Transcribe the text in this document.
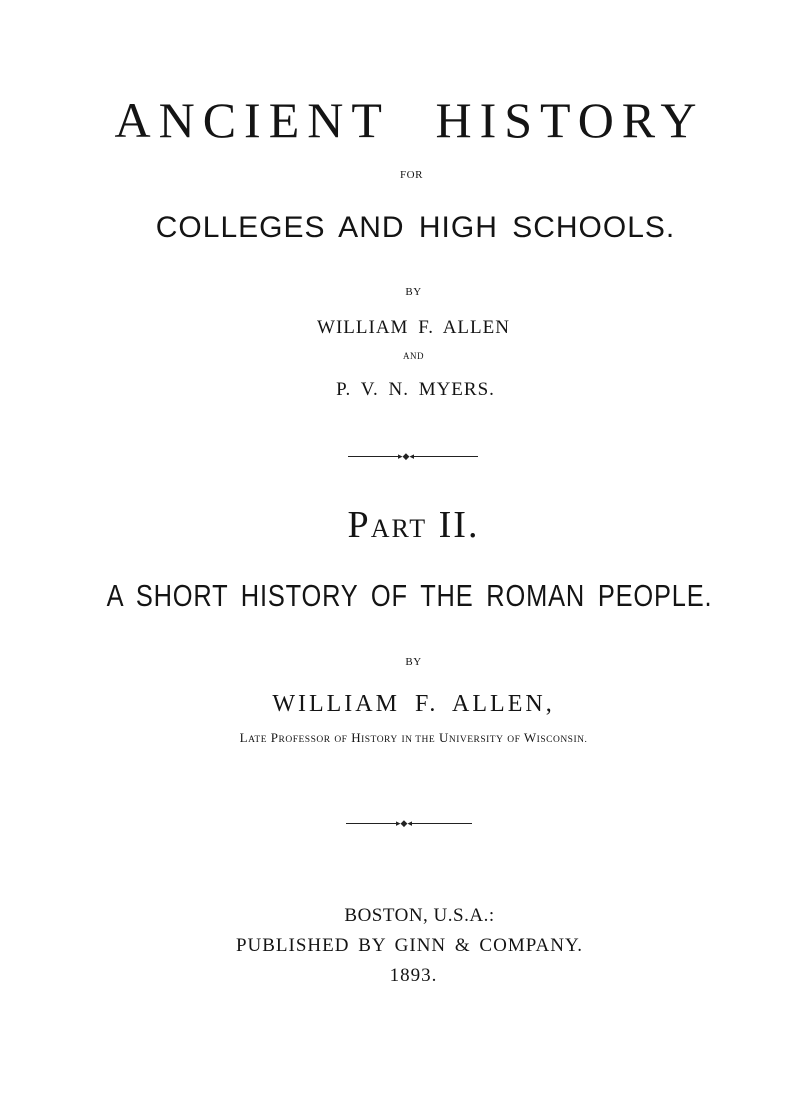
ANCIENT HISTORY
FOR
COLLEGES AND HIGH SCHOOLS.
BY
WILLIAM F. ALLEN
AND
P. V. N. MYERS.
▸◆◂
PART II.
A SHORT HISTORY OF THE ROMAN PEOPLE.
BY
WILLIAM F. ALLEN,
LATE PROFESSOR OF HISTORY IN THE UNIVERSITY OF WISCONSIN.
▸◆◂
BOSTON, U.S.A.:
PUBLISHED BY GINN & COMPANY.
1893.
